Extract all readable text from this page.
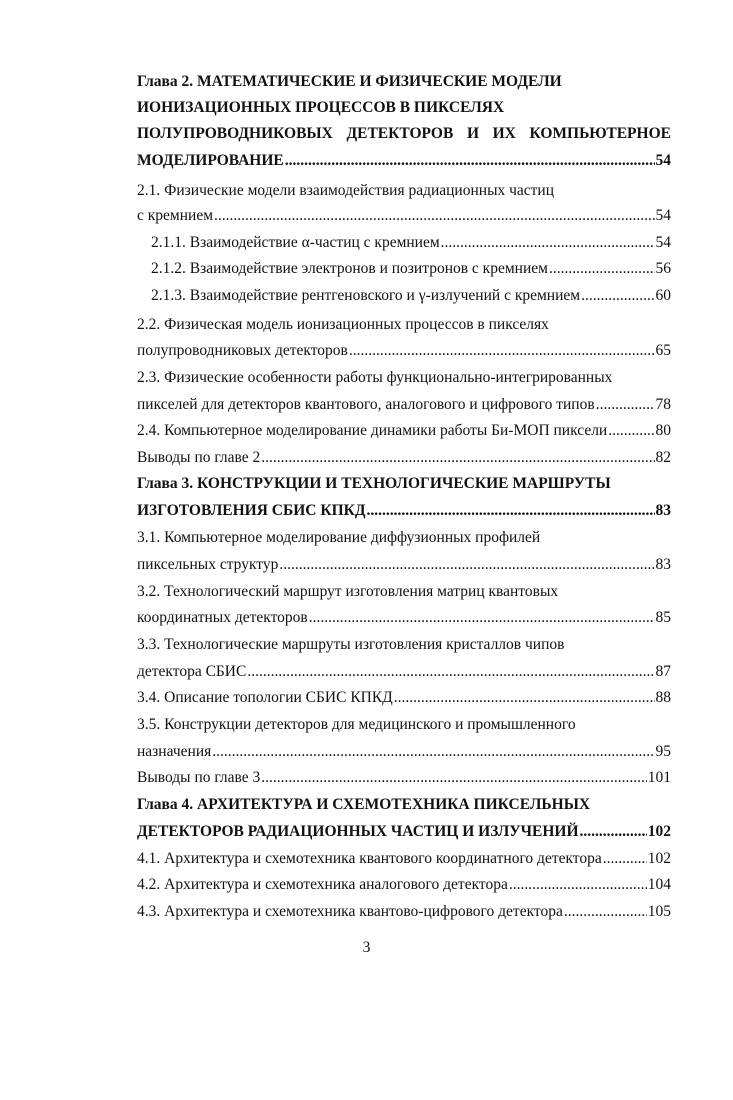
Глава 2. МАТЕМАТИЧЕСКИЕ И ФИЗИЧЕСКИЕ МОДЕЛИ
ИОНИЗАЦИОННЫХ ПРОЦЕССОВ В ПИКСЕЛЯХ
ПОЛУПРОВОДНИКОВЫХ ДЕТЕКТОРОВ И ИХ КОМПЬЮТЕРНОЕ
МОДЕЛИРОВАНИЕ .....	54
2.1. Физические модели взаимодействия радиационных частиц
с кремнием .....	54
2.1.1. Взаимодействие α-частиц с кремнием .....	54
2.1.2. Взаимодействие электронов и позитронов с кремнием .....	56
2.1.3. Взаимодействие рентгеновского и γ-излучений с кремнием .....	60
2.2. Физическая модель ионизационных процессов в пикселях
полупроводниковых детекторов .....	65
2.3. Физические особенности работы функционально-интегрированных
пикселей для детекторов квантового, аналогового и цифрового типов .....	78
2.4. Компьютерное моделирование динамики работы Би-МОП пиксели .....	80
Выводы по главе 2 .....	82
Глава 3. КОНСТРУКЦИИ И ТЕХНОЛОГИЧЕСКИЕ МАРШРУТЫ
ИЗГОТОВЛЕНИЯ СБИС КПКД .....	83
3.1. Компьютерное моделирование диффузионных профилей
пиксельных структур .....	83
3.2. Технологический маршрут изготовления матриц квантовых
координатных детекторов .....	85
3.3. Технологические маршруты изготовления кристаллов чипов
детектора СБИС .....	87
3.4. Описание топологии СБИС КПКД .....	88
3.5. Конструкции детекторов для медицинского и промышленного
назначения .....	95
Выводы по главе 3 .....	101
Глава 4. АРХИТЕКТУРА И СХЕМОТЕХНИКА ПИКСЕЛЬНЫХ
ДЕТЕКТОРОВ РАДИАЦИОННЫХ ЧАСТИЦ И ИЗЛУЧЕНИЙ .....	102
4.1. Архитектура и схемотехника квантового координатного детектора .....	102
4.2. Архитектура и схемотехника аналогового детектора .....	104
4.3. Архитектура и схемотехника квантово-цифрового детектора .....	105
3
